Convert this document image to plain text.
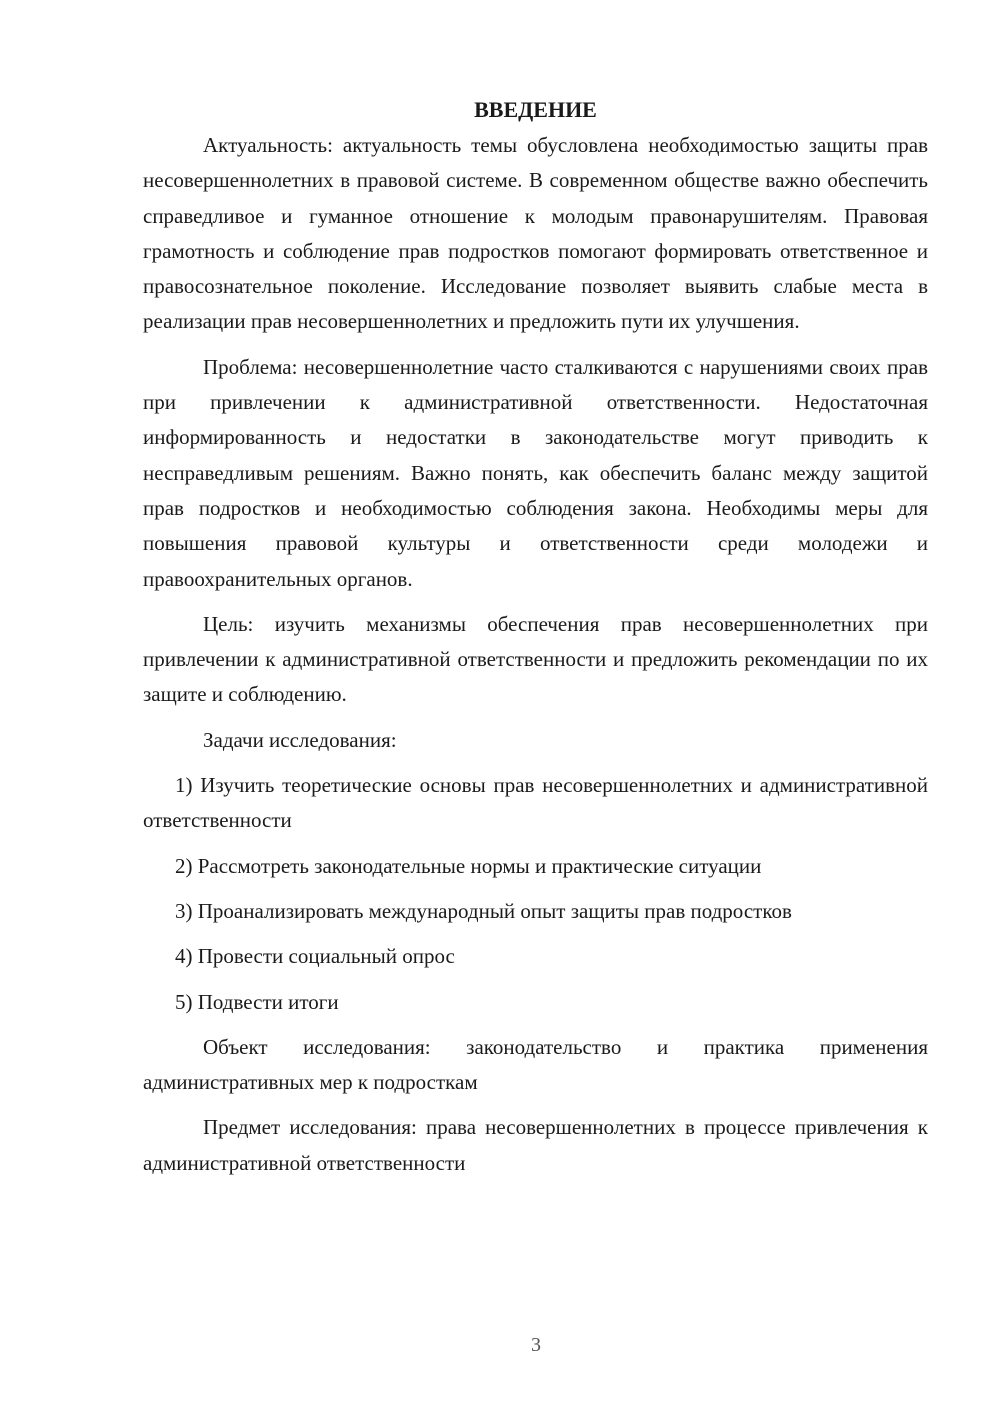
ВВЕДЕНИЕ

Актуальность: актуальность темы обусловлена необходимостью защиты прав несовершеннолетних в правовой системе. В современном обществе важно обеспечить справедливое и гуманное отношение к молодым правонарушителям. Правовая грамотность и соблюдение прав подростков помогают формировать ответственное и правосознательное поколение. Исследование позволяет выявить слабые места в реализации прав несовершеннолетних и предложить пути их улучшения.

Проблема: несовершеннолетние часто сталкиваются с нарушениями своих прав при привлечении к административной ответственности. Недостаточная информированность и недостатки в законодательстве могут приводить к несправедливым решениям. Важно понять, как обеспечить баланс между защитой прав подростков и необходимостью соблюдения закона. Необходимы меры для повышения правовой культуры и ответственности среди молодежи и правоохранительных органов.

Цель: изучить механизмы обеспечения прав несовершеннолетних при привлечении к административной ответственности и предложить рекомендации по их защите и соблюдению.

Задачи исследования:

1) Изучить теоретические основы прав несовершеннолетних и административной ответственности

2) Рассмотреть законодательные нормы и практические ситуации

3) Проанализировать международный опыт защиты прав подростков

4) Провести социальный опрос

5) Подвести итоги

Объект исследования: законодательство и практика применения административных мер к подросткам

Предмет исследования: права несовершеннолетних в процессе привлечения к административной ответственности

3
